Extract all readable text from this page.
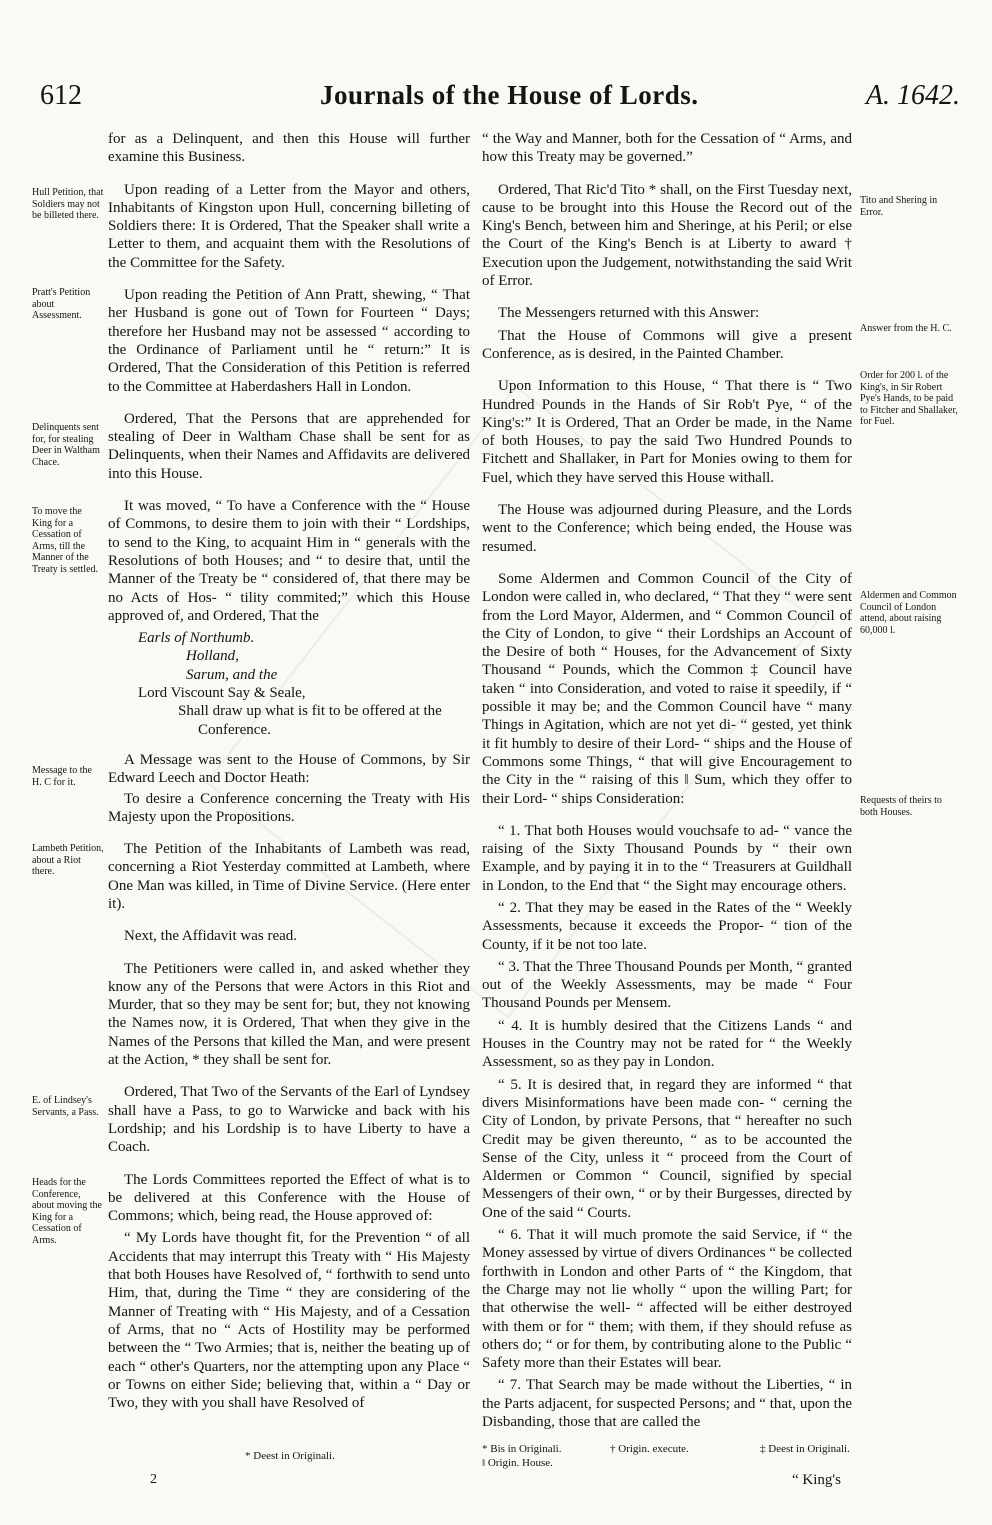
612	Journals of the House of Lords.	A. 1642.
Hull Petition, that Soldiers may not be billeted there.
Pratt's Petition about Assessment.
Delinquents sent for, for stealing Deer in Waltham Chace.
To move the King for a Cessation of Arms, till the Manner of the Treaty is settled.
Message to the H. C for it.
Lambeth Petition, about a Riot there.
E. of Lindsey's Servants, a Pass.
Heads for the Conference, about moving the King for a Cessation of Arms.
Tito and Shering in Error.
Answer from the H. C.
Order for 200 l. of the King's, in Sir Robert Pye's Hands, to be paid to Fitcher and Shallaker, for Fuel.
Aldermen and Common Council of London attend, about raising 60,000 l.
Requests of theirs to both Houses.

for as a Delinquent, and then this House will further examine this Business.

Upon reading of a Letter from the Mayor and others, Inhabitants of Kingston upon Hull, concerning billeting of Soldiers there: It is Ordered, That the Speaker shall write a Letter to them, and acquaint them with the Resolutions of the Committee for the Safety.

Upon reading the Petition of Ann Pratt, shewing, “ That her Husband is gone out of Town for Fourteen “ Days; therefore her Husband may not be assessed “ according to the Ordinance of Parliament until he “ return:” It is Ordered, That the Consideration of this Petition is referred to the Committee at Haberdashers Hall in London.

Ordered, That the Persons that are apprehended for stealing of Deer in Waltham Chase shall be sent for as Delinquents, when their Names and Affidavits are delivered into this House.

It was moved, “ To have a Conference with the “ House of Commons, to desire them to join with their “ Lordships, to send to the King, to acquaint Him in “ generals with the Resolutions of both Houses; and “ to desire that, until the Manner of the Treaty be “ considered of, that there may be no Acts of Hos- “ tility commited;” which this House approved of, and Ordered, That the

Earls of Northumb.
Holland,
Sarum, and the
Lord Viscount Say & Seale,
Shall draw up what is fit to be offered at the
Conference.

A Message was sent to the House of Commons, by Sir Edward Leech and Doctor Heath:

To desire a Conference concerning the Treaty with His Majesty upon the Propositions.

The Petition of the Inhabitants of Lambeth was read, concerning a Riot Yesterday committed at Lambeth, where One Man was killed, in Time of Divine Service. (Here enter it).

Next, the Affidavit was read.

The Petitioners were called in, and asked whether they know any of the Persons that were Actors in this Riot and Murder, that so they may be sent for; but, they not knowing the Names now, it is Ordered, That when they give in the Names of the Persons that killed the Man, and were present at the Action, * they shall be sent for.

Ordered, That Two of the Servants of the Earl of Lyndsey shall have a Pass, to go to Warwicke and back with his Lordship; and his Lordship is to have Liberty to have a Coach.

The Lords Committees reported the Effect of what is to be delivered at this Conference with the House of Commons; which, being read, the House approved of:

“ My Lords have thought fit, for the Prevention “ of all Accidents that may interrupt this Treaty with “ His Majesty that both Houses have Resolved of, “ forthwith to send unto Him, that, during the Time “ they are considering of the Manner of Treating with “ His Majesty, and of a Cessation of Arms, that no “ Acts of Hostility may be performed between the “ Two Armies; that is, neither the beating up of each “ other's Quarters, nor the attempting upon any Place “ or Towns on either Side; believing that, within a “ Day or Two, they with you shall have Resolved of

“ the Way and Manner, both for the Cessation of “ Arms, and how this Treaty may be governed.”

Ordered, That Ric'd Tito * shall, on the First Tuesday next, cause to be brought into this House the Record out of the King's Bench, between him and Sheringe, at his Peril; or else the Court of the King's Bench is at Liberty to award † Execution upon the Judgement, notwithstanding the said Writ of Error.

The Messengers returned with this Answer:

That the House of Commons will give a present Conference, as is desired, in the Painted Chamber.

Upon Information to this House, “ That there is “ Two Hundred Pounds in the Hands of Sir Rob't Pye, “ of the King's:” It is Ordered, That an Order be made, in the Name of both Houses, to pay the said Two Hundred Pounds to Fitchett and Shallaker, in Part for Monies owing to them for Fuel, which they have served this House withall.

The House was adjourned during Pleasure, and the Lords went to the Conference; which being ended, the House was resumed.

Some Aldermen and Common Council of the City of London were called in, who declared, “ That they “ were sent from the Lord Mayor, Aldermen, and “ Common Council of the City of London, to give “ their Lordships an Account of the Desire of both “ Houses, for the Advancement of Sixty Thousand “ Pounds, which the Common ‡ Council have taken “ into Consideration, and voted to raise it speedily, if “ possible it may be; and the Common Council have “ many Things in Agitation, which are not yet di- “ gested, yet think it fit humbly to desire of their Lord- “ ships and the House of Commons some Things, “ that will give Encouragement to the City in the “ raising of this ‖ Sum, which they offer to their Lord- “ ships Consideration:

“ 1. That both Houses would vouchsafe to ad- “ vance the raising of the Sixty Thousand Pounds by “ their own Example, and by paying it in to the “ Treasurers at Guildhall in London, to the End that “ the Sight may encourage others.

“ 2. That they may be eased in the Rates of the “ Weekly Assessments, because it exceeds the Propor- “ tion of the County, if it be not too late.

“ 3. That the Three Thousand Pounds per Month, “ granted out of the Weekly Assessments, may be made “ Four Thousand Pounds per Mensem.

“ 4. It is humbly desired that the Citizens Lands “ and Houses in the Country may not be rated for “ the Weekly Assessment, so as they pay in London.

“ 5. It is desired that, in regard they are informed “ that divers Misinformations have been made con- “ cerning the City of London, by private Persons, that “ hereafter no such Credit may be given thereunto, “ as to be accounted the Sense of the City, unless it “ proceed from the Court of Aldermen or Common “ Council, signified by special Messengers of their own, “ or by their Burgesses, directed by One of the said “ Courts.

“ 6. That it will much promote the said Service, if “ the Money assessed by virtue of divers Ordinances “ be collected forthwith in London and other Parts of “ the Kingdom, that the Charge may not lie wholly “ upon the willing Part; for that otherwise the well- “ affected will be either destroyed with them or for “ them; with them, if they should refuse as others do; “ or for them, by contributing alone to the Public “ Safety more than their Estates will bear.

“ 7. That Search may be made without the Liberties, “ in the Parts adjacent, for suspected Persons; and “ that, upon the Disbanding, those that are called the

* Deest in Originali.
2
* Bis in Originali.	† Origin. execute.	‡ Deest in Originali.
‖ Origin. House.
“ King's
